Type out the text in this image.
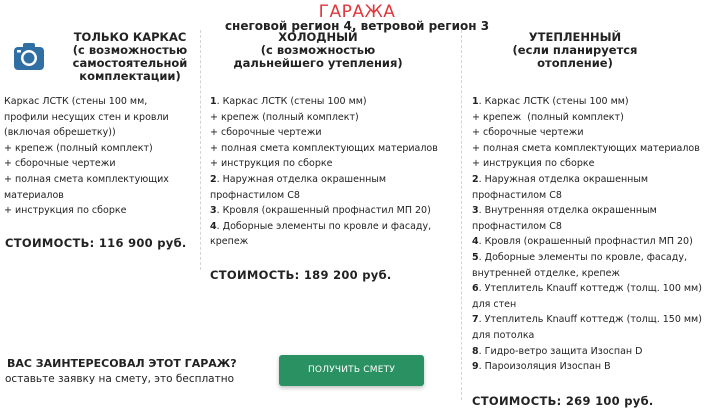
ГАРАЖА
снеговой регион 4, ветровой регион 3
ТОЛЬКО КАРКАС
(с возможностью
самостоятельной
комплектации)
ХОЛОДНЫЙ
(с возможностью
дальнейшего утепления)
УТЕПЛЕННЫЙ
(если планируется
отопление)
Каркас ЛСТК (стены 100 мм,
профили несущих стен и кровли
(включая обрешетку))
+ крепеж (полный комплект)
+ сборочные чертежи
+ полная смета комплектующих
материалов
+ инструкция по сборке
СТОИМОСТЬ: 116 900 руб.
1. Каркас ЛСТК (стены 100 мм)
+ крепеж (полный комплект)
+ сборочные чертежи
+ полная смета комплектующих материалов
+ инструкция по сборке
2. Наружная отделка окрашенным
профнастилом С8
3. Кровля (окрашенный профнастил МП 20)
4. Доборные элементы по кровле и фасаду,
крепеж
СТОИМОСТЬ: 189 200 руб.
1. Каркас ЛСТК (стены 100 мм)
+ крепеж  (полный комплект)
+ сборочные чертежи
+ полная смета комплектующих материалов
+ инструкция по сборке
2. Наружная отделка окрашенным
профнастилом С8
3. Внутренняя отделка окрашенным
профнастилом С8
4. Кровля (окрашенный профнастил МП 20)
5. Доборные элементы по кровле, фасаду,
внутренней отделке, крепеж
6. Утеплитель Knauff коттедж (толщ. 100 мм)
для стен
7. Утеплитель Knauff коттедж (толщ. 150 мм)
для потолка
8. Гидро-ветро защита Изоспан D
9. Пароизоляция Изоспан В
СТОИМОСТЬ: 269 100 руб.
ВАС ЗАИНТЕРЕСОВАЛ ЭТОТ ГАРАЖ?
оставьте заявку на смету, это бесплатно
ПОЛУЧИТЬ СМЕТУ
